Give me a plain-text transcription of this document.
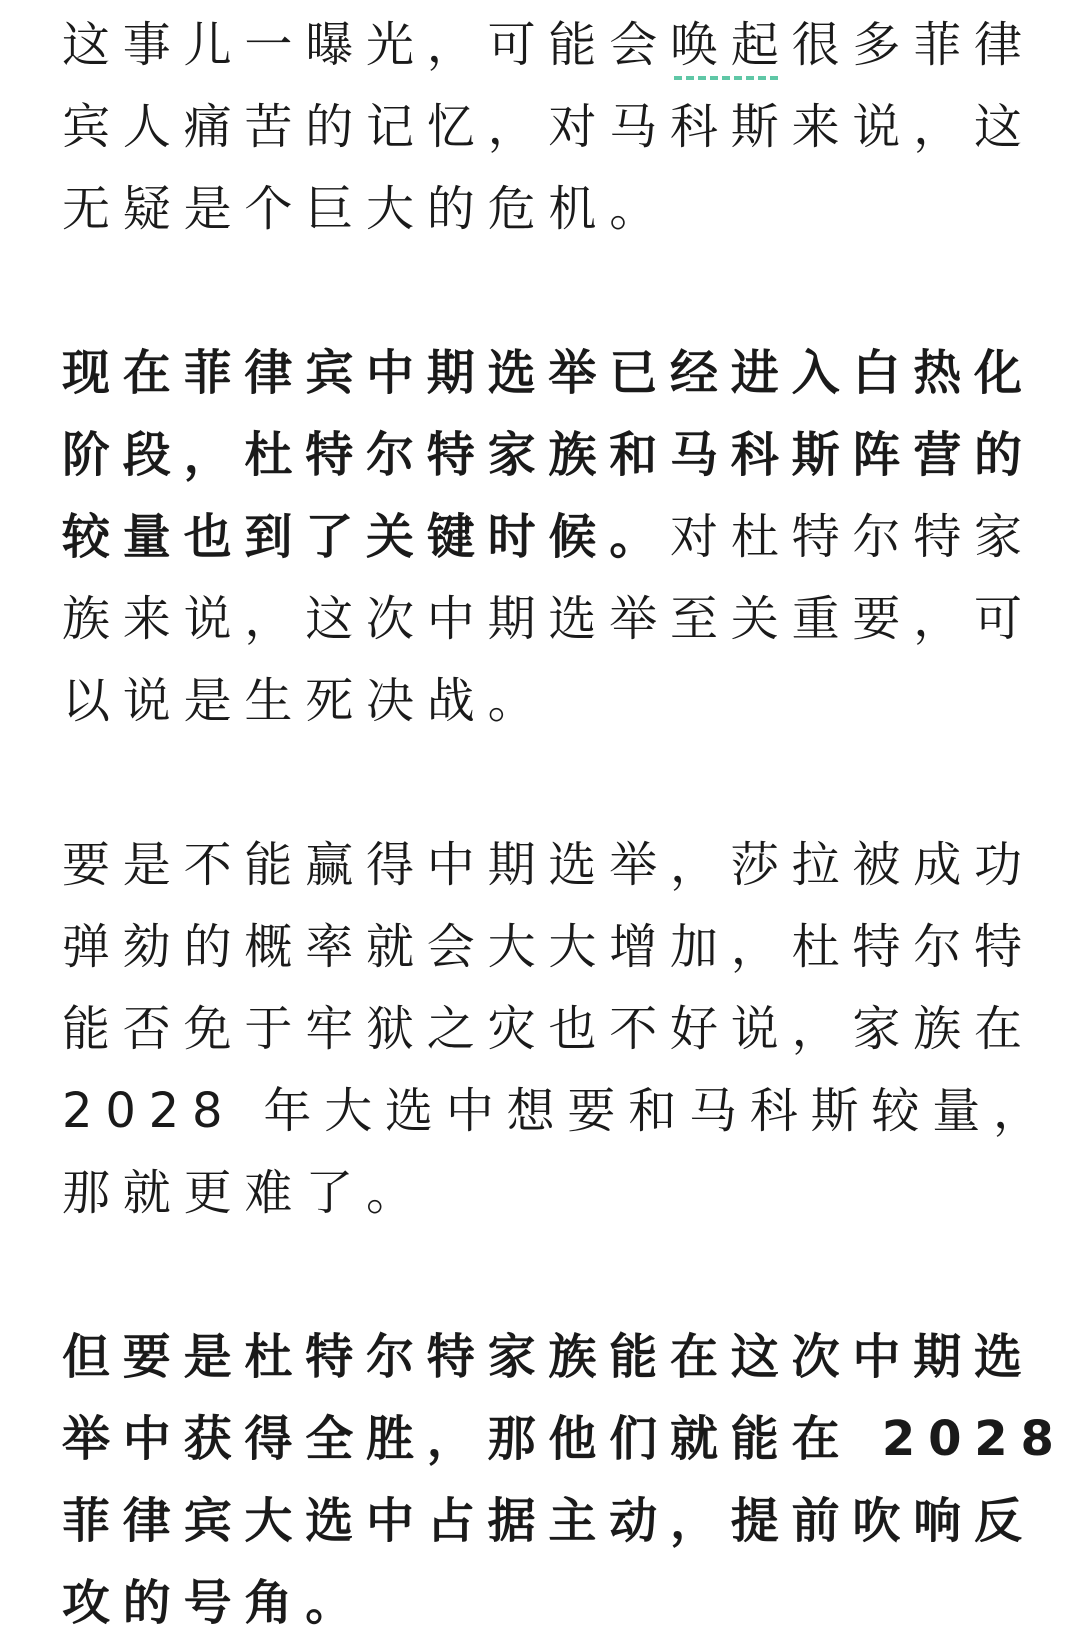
这事儿一曝光，可能会唤起很多菲律
宾人痛苦的记忆，对马科斯来说，这
无疑是个巨大的危机。

现在菲律宾中期选举已经进入白热化
阶段，杜特尔特家族和马科斯阵营的
较量也到了关键时候。对杜特尔特家
族来说，这次中期选举至关重要，可
以说是生死决战。

要是不能赢得中期选举，莎拉被成功
弹劾的概率就会大大增加，杜特尔特
能否免于牢狱之灾也不好说，家族在
2028 年大选中想要和马科斯较量，
那就更难了。

但要是杜特尔特家族能在这次中期选
举中获得全胜，那他们就能在 2028
菲律宾大选中占据主动，提前吹响反
攻的号角。
